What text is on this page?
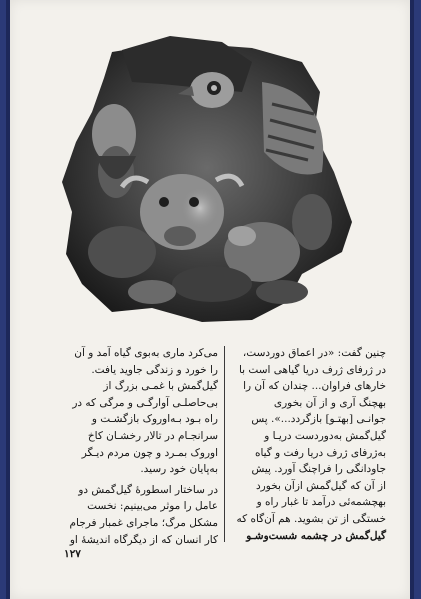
چنین گفت: «در اعماق دوردست،

در ژرفای ژرف دریا گیاهی است با

خارهای فراوان... چندان که آن را

بهچنگ آری و از آن بخوری

جوانـی [بهتـو] بازگردد...». پس

گیل‌گمش به‌دورد‌ست دریـا و

به‌ژرفای ژرف دریا رفت و گیاه

جاودانگی را فراچنگ آورد. پیش

از آن که گیل‌گمش ازآن بخورد

بهچشمه‌ئی درآمد تا غبار راه و

خستگی از تن بشوید. هم آن‌گاه که

گیل‌گمش در چشمه شست‌وشـو

می‌کرد ماری به‌بوی گیاه آمد و آن

را خورد و زندگی جاوید یافت.

گیل‌گمش با غمـی بزرگ از

بی‌حاصلـی آوارگـی و مرگی که در

راه بـود بـه‌اوروک بازگشـت و

سرانجـام در تالار رخشـان کاخ

اوروک بمـرد و چون مردم دیـگر

به‌پایان خود رسید.

در ساختار اسطورهٔ گیل‌گمش دو

عامل را موثر می‌بینیم: نخست

مشکل مرگ؛ ماجرای غمبار فرجام

کار انسان که از دیگرگاه اندیشهٔ او

۱۲۷
